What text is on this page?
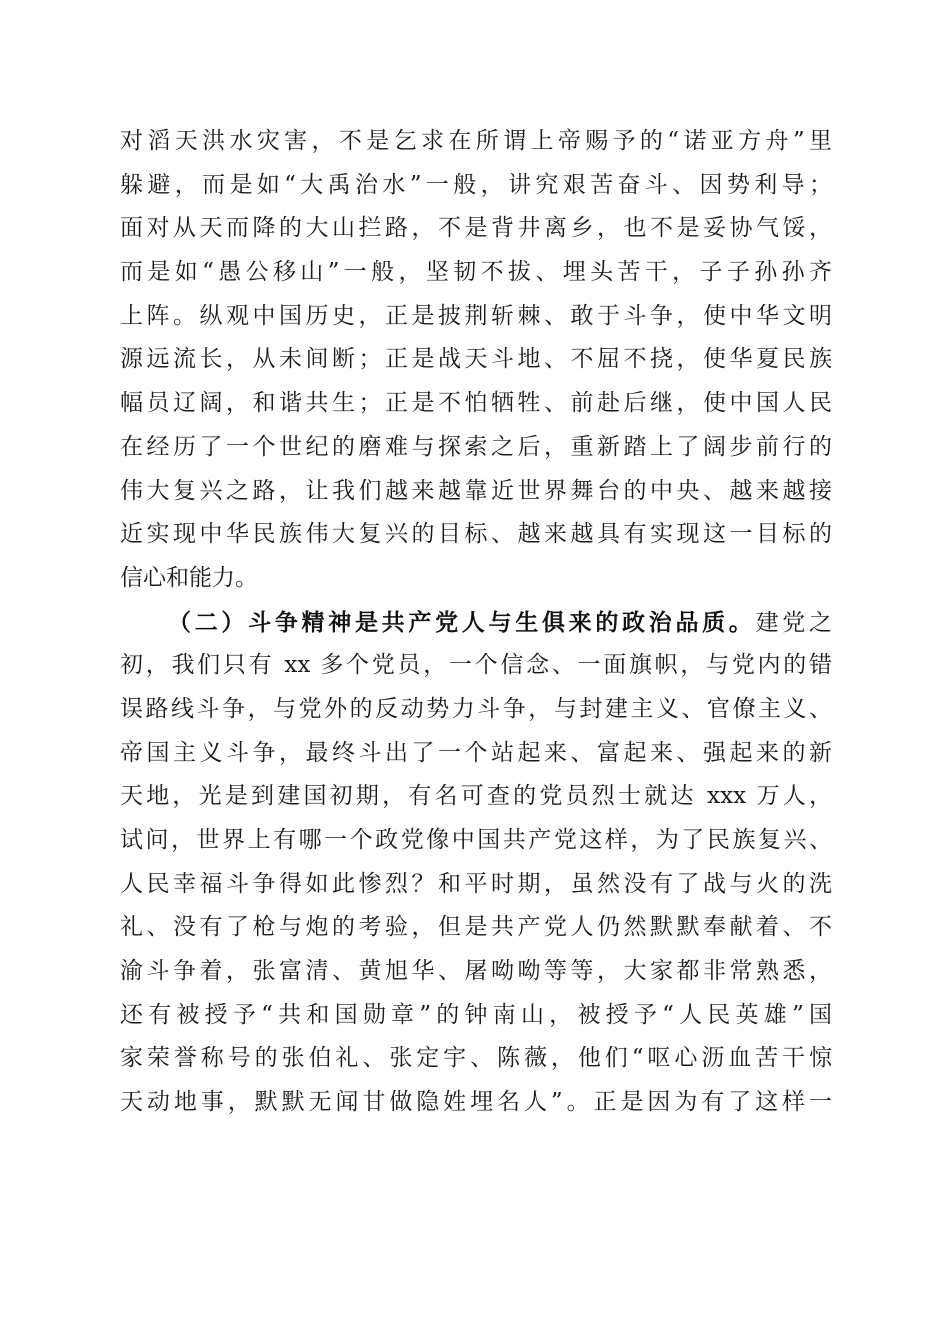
对滔天洪水灾害，不是乞求在所谓上帝赐予的“诺亚方舟”里
躲避，而是如“大禹治水”一般，讲究艰苦奋斗、因势利导；
面对从天而降的大山拦路，不是背井离乡，也不是妥协气馁，
而是如“愚公移山”一般，坚韧不拔、埋头苦干，子子孙孙齐
上阵。纵观中国历史，正是披荆斩棘、敢于斗争，使中华文明
源远流长，从未间断；正是战天斗地、不屈不挠，使华夏民族
幅员辽阔，和谐共生；正是不怕牺牲、前赴后继，使中国人民
在经历了一个世纪的磨难与探索之后，重新踏上了阔步前行的
伟大复兴之路，让我们越来越靠近世界舞台的中央、越来越接
近实现中华民族伟大复兴的目标、越来越具有实现这一目标的
信心和能力。
（二）斗争精神是共产党人与生俱来的政治品质。建党之
初，我们只有 xx 多个党员，一个信念、一面旗帜，与党内的错
误路线斗争，与党外的反动势力斗争，与封建主义、官僚主义、
帝国主义斗争，最终斗出了一个站起来、富起来、强起来的新
天地，光是到建国初期，有名可查的党员烈士就达 xxx 万人，
试问，世界上有哪一个政党像中国共产党这样，为了民族复兴、
人民幸福斗争得如此惨烈？和平时期，虽然没有了战与火的洗
礼、没有了枪与炮的考验，但是共产党人仍然默默奉献着、不
渝斗争着，张富清、黄旭华、屠呦呦等等，大家都非常熟悉，
还有被授予“共和国勋章”的钟南山，被授予“人民英雄”国
家荣誉称号的张伯礼、张定宇、陈薇，他们“呕心沥血苦干惊
天动地事，默默无闻甘做隐姓埋名人”。正是因为有了这样一
